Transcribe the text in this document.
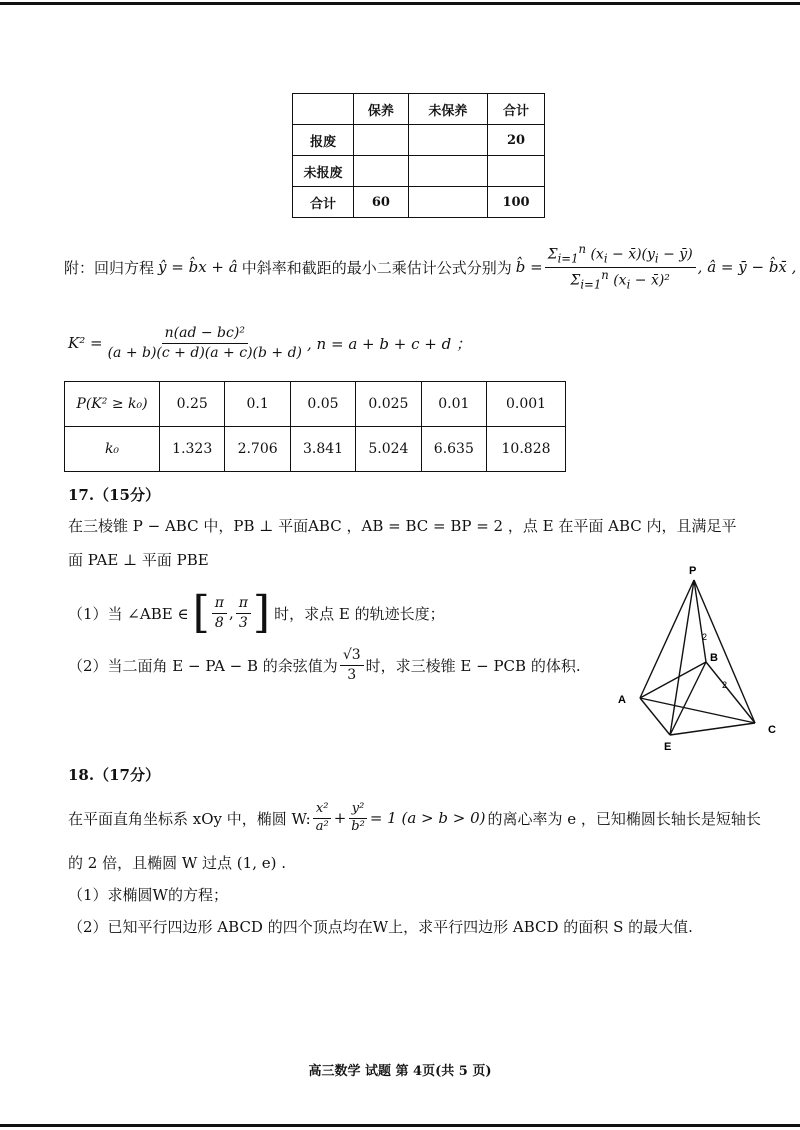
	保养	未保养	合计
报废			20
未报废			
合计	60		100
附：回归方程 ŷ = b̂x + â 中斜率和截距的最小二乘估计公式分别为 b̂ = $\frac{\Sigma_{i=1}^n (x_i - x̄)(y_i - ȳ)}{\Sigma_{i=1}^n (x_i - x̄)^2}$ , â = ȳ − b̂x̄ ,
$K^2 = \frac{\text{n(ad − bc)²}}{(a + b)(c + d)(a + c)(b + d)}$ , n = a + b + c + d ；
P(K² ≥ k₀)	0.25	0.1	0.05	0.025	0.01	0.001
k₀	1.323	2.706	3.841	5.024	6.635	10.828
17.（15分）
在三棱锥 P − ABC 中，PB ⊥ 平面ABC ，AB = BC = BP = 2 ，点 E 在平面 ABC 内，且满足平
面 PAE ⊥ 平面 PBE
（1）当 ∠ABE ∈ [ $\frac{\pi}{8}$ , $\frac{\pi}{3}$ ] 时，求点 E 的轨迹长度；
（2）当二面角 E − PA − B 的余弦值为 $\frac{√3}{3}$ 时，求三棱锥 E − PCB 的体积.
P
A
B
C
E
2
2
18.（17分）
在平面直角坐标系 xOy 中，椭圆 W: $\frac{\text{x²}}{\text{a²}} + \frac{\text{y²}}{\text{b²}} = 1$ (a > b > 0) 的离心率为 e ，已知椭圆长轴长是短轴长
的 2 倍，且椭圆 W 过点 (1, e) .
（1）求椭圆W的方程；
（2）已知平行四边形 ABCD 的四个顶点均在W上，求平行四边形 ABCD 的面积 S 的最大值.
高三数学 试题 第 4页(共 5 页)
